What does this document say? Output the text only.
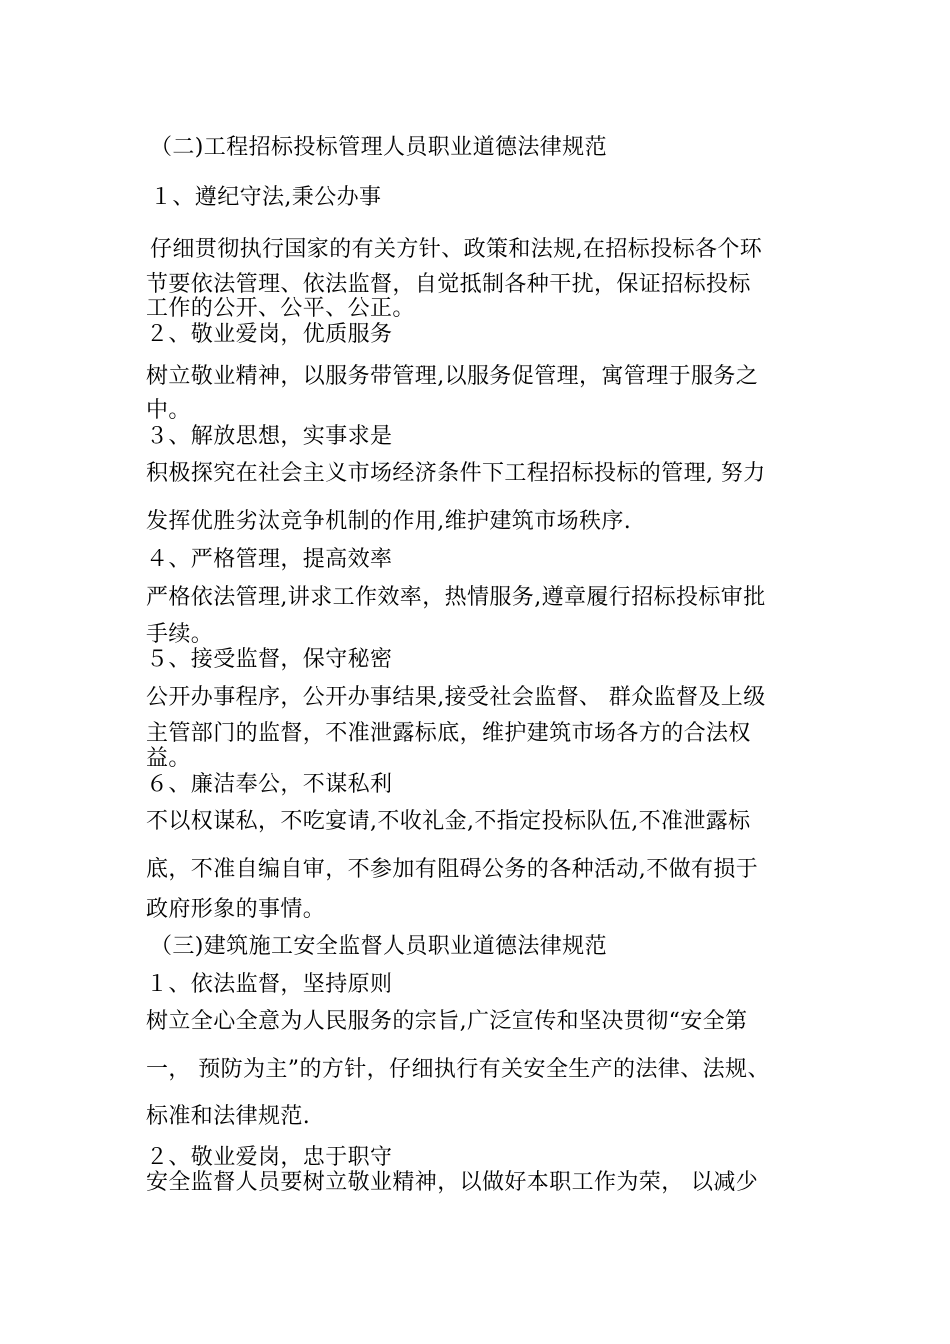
（二)工程招标投标管理人员职业道德法律规范
１、遵纪守法,秉公办事
仔细贯彻执行国家的有关方针、政策和法规,在招标投标各个环
节要依法管理、依法监督，自觉抵制各种干扰，保证招标投标
工作的公开、公平、公正。
２、敬业爱岗，优质服务
树立敬业精神，以服务带管理,以服务促管理，寓管理于服务之
中。
３、解放思想，实事求是
积极探究在社会主义市场经济条件下工程招标投标的管理, 努力
发挥优胜劣汰竞争机制的作用,维护建筑市场秩序.
４、严格管理，提高效率
严格依法管理,讲求工作效率，热情服务,遵章履行招标投标审批
手续。
５、接受监督，保守秘密
公开办事程序，公开办事结果,接受社会监督、 群众监督及上级
主管部门的监督，不准泄露标底，维护建筑市场各方的合法权
益。
６、廉洁奉公，不谋私利
不以权谋私，不吃宴请,不收礼金,不指定投标队伍,不准泄露标
底，不准自编自审，不参加有阻碍公务的各种活动,不做有损于
政府形象的事情。
（三)建筑施工安全监督人员职业道德法律规范
１、依法监督，坚持原则
树立全心全意为人民服务的宗旨,广泛宣传和坚决贯彻“安全第
一， 预防为主”的方针，仔细执行有关安全生产的法律、法规、
标准和法律规范.
２、敬业爱岗，忠于职守
安全监督人员要树立敬业精神，以做好本职工作为荣， 以减少
